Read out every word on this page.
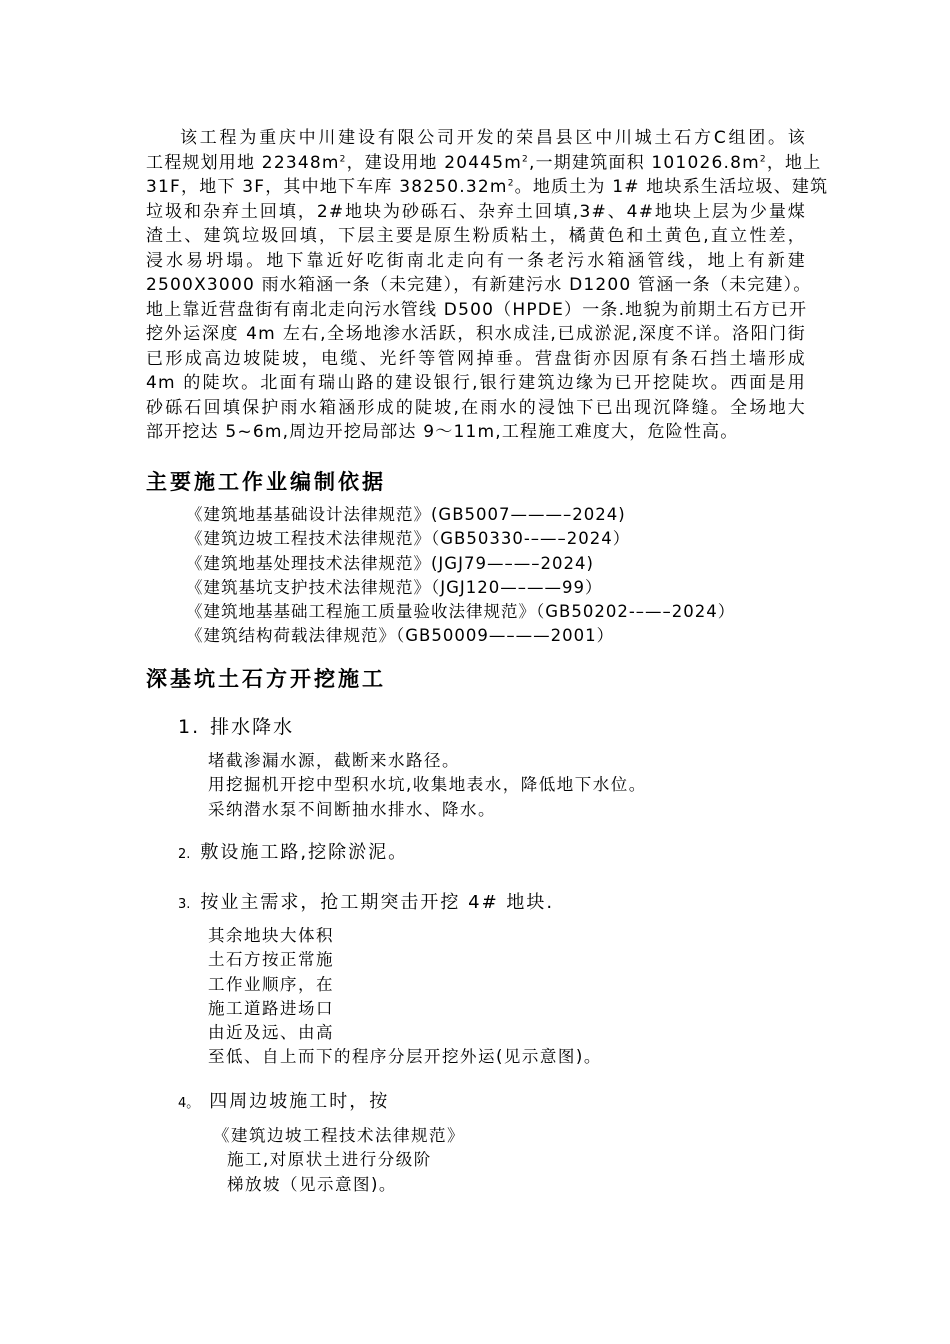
该工程为重庆中川建设有限公司开发的荣昌县区中川城土石方C组团。该
工程规划用地 $22348m^2$，建设用地 $20445m^2$,一期建筑面积 $101026.8m^2$，地上
31F，地下 3F，其中地下车库 $38250.32m^2$。地质土为 1# 地块系生活垃圾、建筑
垃圾和杂弃土回填，2#地块为砂砾石、杂弃土回填,3#、4#地块上层为少量煤
渣土、建筑垃圾回填，下层主要是原生粉质粘土，橘黄色和土黄色,直立性差，
浸水易坍塌。地下靠近好吃街南北走向有一条老污水箱涵管线，地上有新建
2500X3000 雨水箱涵一条（未完建），有新建污水 D1200 管涵一条（未完建）。
地上靠近营盘街有南北走向污水管线 D500（HPDE）一条.地貌为前期土石方已开
挖外运深度 4m 左右,全场地渗水活跃，积水成洼,已成淤泥,深度不详。洛阳门街
已形成高边坡陡坡，电缆、光纤等管网掉垂。营盘街亦因原有条石挡土墙形成
4m 的陡坎。北面有瑞山路的建设银行,银行建筑边缘为已开挖陡坎。西面是用
砂砾石回填保护雨水箱涵形成的陡坡,在雨水的浸蚀下已出现沉降缝。全场地大
部开挖达 5~6m,周边开挖局部达 9～11m,工程施工难度大，危险性高。
主要施工作业编制依据
《建筑地基基础设计法律规范》(GB5007———–2024)
《建筑边坡工程技术法律规范》（GB50330-–—–2024）
《建筑地基处理技术法律规范》(JGJ79—–—–2024)
《建筑基坑支护技术法律规范》（JGJ120—–——99）
《建筑地基基础工程施工质量验收法律规范》（GB50202-–—–2024）
《建筑结构荷载法律规范》（GB50009—–——2001）
深基坑土石方开挖施工
1. 排水降水
堵截渗漏水源，截断来水路径。
用挖掘机开挖中型积水坑,收集地表水，降低地下水位。
采纳潜水泵不间断抽水排水、降水。
2. 敷设施工路,挖除淤泥。
3. 按业主需求，抢工期突击开挖 4# 地块.
其余地块大体积
土石方按正常施
工作业顺序，在
施工道路进场口
由近及远、由高
至低、自上而下的程序分层开挖外运(见示意图)。
4。 四周边坡施工时，按
《建筑边坡工程技术法律规范》
施工,对原状土进行分级阶
梯放坡（见示意图)。
